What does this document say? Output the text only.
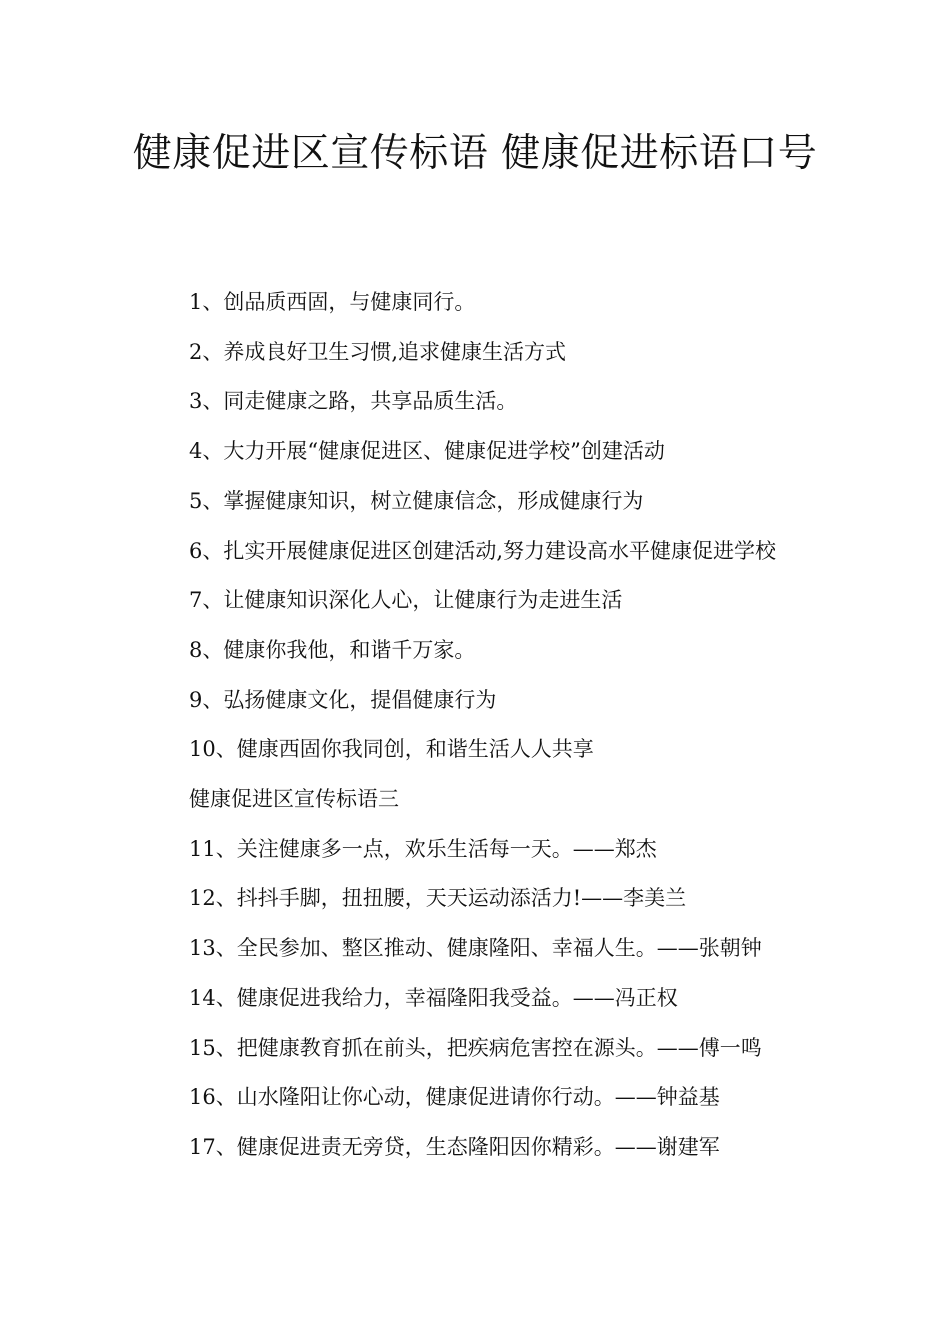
健康促进区宣传标语 健康促进标语口号

1、创品质西固，与健康同行。

2、养成良好卫生习惯,追求健康生活方式

3、同走健康之路，共享品质生活。

4、大力开展“健康促进区、健康促进学校”创建活动

5、掌握健康知识，树立健康信念，形成健康行为

6、扎实开展健康促进区创建活动,努力建设高水平健康促进学校

7、让健康知识深化人心，让健康行为走进生活

8、健康你我他，和谐千万家。

9、弘扬健康文化，提倡健康行为

10、健康西固你我同创，和谐生活人人共享

健康促进区宣传标语三

11、关注健康多一点，欢乐生活每一天。——郑杰

12、抖抖手脚，扭扭腰，天天运动添活力!——李美兰

13、全民参加、整区推动、健康隆阳、幸福人生。——张朝钟

14、健康促进我给力，幸福隆阳我受益。——冯正权

15、把健康教育抓在前头，把疾病危害控在源头。——傅一鸣

16、山水隆阳让你心动，健康促进请你行动。——钟益基

17、健康促进责无旁贷，生态隆阳因你精彩。——谢建军
